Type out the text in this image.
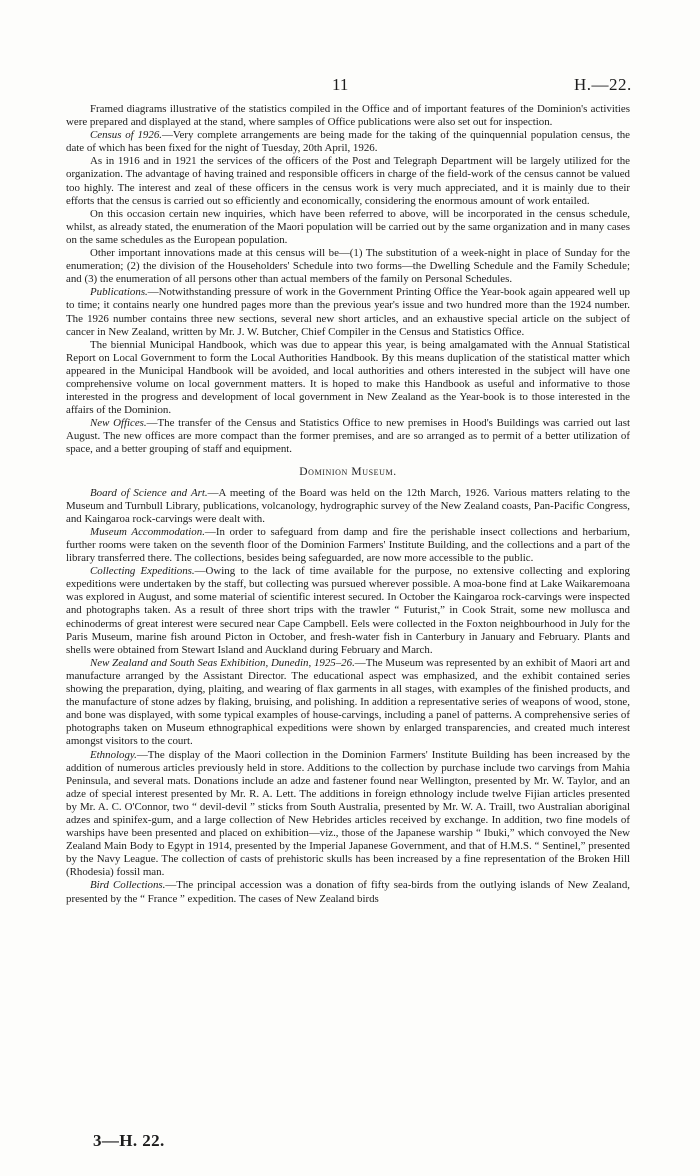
11	H.—22.

Framed diagrams illustrative of the statistics compiled in the Office and of important features of the Dominion's activities were prepared and displayed at the stand, where samples of Office publications were also set out for inspection.

Census of 1926.—Very complete arrangements are being made for the taking of the quinquennial population census, the date of which has been fixed for the night of Tuesday, 20th April, 1926.

As in 1916 and in 1921 the services of the officers of the Post and Telegraph Department will be largely utilized for the organization. The advantage of having trained and responsible officers in charge of the field-work of the census cannot be valued too highly. The interest and zeal of these officers in the census work is very much appreciated, and it is mainly due to their efforts that the census is carried out so efficiently and economically, considering the enormous amount of work entailed.

On this occasion certain new inquiries, which have been referred to above, will be incorporated in the census schedule, whilst, as already stated, the enumeration of the Maori population will be carried out by the same organization and in many cases on the same schedules as the European population.

Other important innovations made at this census will be—(1) The substitution of a week-night in place of Sunday for the enumeration; (2) the division of the Householders' Schedule into two forms—the Dwelling Schedule and the Family Schedule; and (3) the enumeration of all persons other than actual members of the family on Personal Schedules.

Publications.—Notwithstanding pressure of work in the Government Printing Office the Year-book again appeared well up to time; it contains nearly one hundred pages more than the previous year's issue and two hundred more than the 1924 number. The 1926 number contains three new sections, several new short articles, and an exhaustive special article on the subject of cancer in New Zealand, written by Mr. J. W. Butcher, Chief Compiler in the Census and Statistics Office.

The biennial Municipal Handbook, which was due to appear this year, is being amalgamated with the Annual Statistical Report on Local Government to form the Local Authorities Handbook. By this means duplication of the statistical matter which appeared in the Municipal Handbook will be avoided, and local authorities and others interested in the subject will have one comprehensive volume on local government matters. It is hoped to make this Handbook as useful and informative to those interested in the progress and development of local government in New Zealand as the Year-book is to those interested in the affairs of the Dominion.

New Offices.—The transfer of the Census and Statistics Office to new premises in Hood's Buildings was carried out last August. The new offices are more compact than the former premises, and are so arranged as to permit of a better utilization of space, and a better grouping of staff and equipment.

Dominion Museum.

Board of Science and Art.—A meeting of the Board was held on the 12th March, 1926. Various matters relating to the Museum and Turnbull Library, publications, volcanology, hydrographic survey of the New Zealand coasts, Pan-Pacific Congress, and Kaingaroa rock-carvings were dealt with.

Museum Accommodation.—In order to safeguard from damp and fire the perishable insect collections and herbarium, further rooms were taken on the seventh floor of the Dominion Farmers' Institute Building, and the collections and a part of the library transferred there. The collections, besides being safeguarded, are now more accessible to the public.

Collecting Expeditions.—Owing to the lack of time available for the purpose, no extensive collecting and exploring expeditions were undertaken by the staff, but collecting was pursued wherever possible. A moa-bone find at Lake Waikaremoana was explored in August, and some material of scientific interest secured. In October the Kaingaroa rock-carvings were inspected and photographs taken. As a result of three short trips with the trawler “ Futurist,” in Cook Strait, some new mollusca and echinoderms of great interest were secured near Cape Campbell. Eels were collected in the Foxton neighbourhood in July for the Paris Museum, marine fish around Picton in October, and fresh-water fish in Canterbury in January and February. Plants and shells were obtained from Stewart Island and Auckland during February and March.

New Zealand and South Seas Exhibition, Dunedin, 1925–26.—The Museum was represented by an exhibit of Maori art and manufacture arranged by the Assistant Director. The educational aspect was emphasized, and the exhibit contained series showing the preparation, dying, plaiting, and wearing of flax garments in all stages, with examples of the finished products, and the manufacture of stone adzes by flaking, bruising, and polishing. In addition a representative series of weapons of wood, stone, and bone was displayed, with some typical examples of house-carvings, including a panel of patterns. A comprehensive series of photographs taken on Museum ethnographical expeditions were shown by enlarged transparencies, and created much interest amongst visitors to the court.

Ethnology.—The display of the Maori collection in the Dominion Farmers' Institute Building has been increased by the addition of numerous articles previously held in store. Additions to the collection by purchase include two carvings from Mahia Peninsula, and several mats. Donations include an adze and fastener found near Wellington, presented by Mr. W. Taylor, and an adze of special interest presented by Mr. R. A. Lett. The additions in foreign ethnology include twelve Fijian articles presented by Mr. A. C. O'Connor, two “ devil-devil ” sticks from South Australia, presented by Mr. W. A. Traill, two Australian aboriginal adzes and spinifex-gum, and a large collection of New Hebrides articles received by exchange. In addition, two fine models of warships have been presented and placed on exhibition—viz., those of the Japanese warship “ Ibuki,” which convoyed the New Zealand Main Body to Egypt in 1914, presented by the Imperial Japanese Government, and that of H.M.S. “ Sentinel,” presented by the Navy League. The collection of casts of prehistoric skulls has been increased by a fine representation of the Broken Hill (Rhodesia) fossil man.

Bird Collections.—The principal accession was a donation of fifty sea-birds from the outlying islands of New Zealand, presented by the “ France ” expedition. The cases of New Zealand birds

3—H. 22.
